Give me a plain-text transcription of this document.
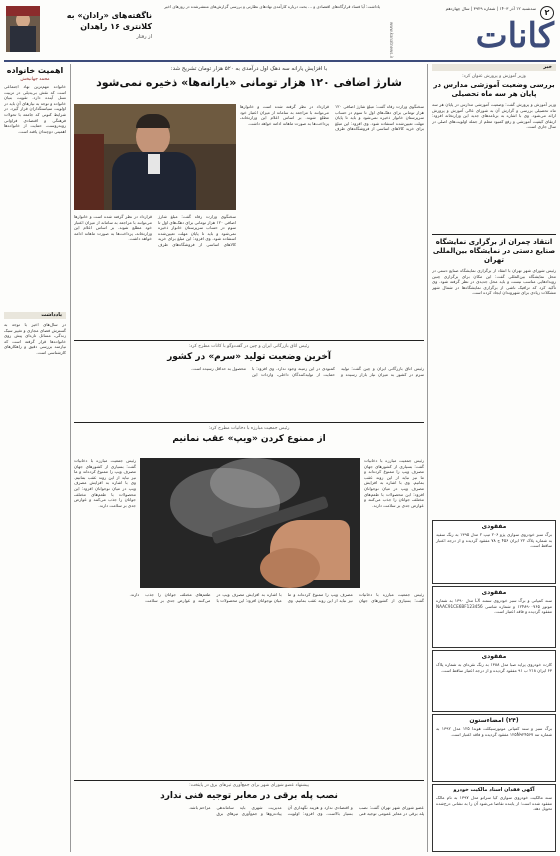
۲
سه‌شنبه ۱۲ آذر ۱۴۰۳ | شماره ۳۹۲۹ | سال چهاردهم
کانات
www.kanatnews.ir
یاداشت: آیا فساد قرارگاه‌های اقتصادی و ... بحث درباره کارآمدی نهادهای نظارتی و بررسی گزارش‌های منتشرشده در روزهای اخیر
ناگفته‌های «رادان» به کلانتری ۱۶ راهدان
از رفتار
خبر
وزیر آموزش و پرورش عنوان کرد:
بررسی وضعیت آموزشی مدارس در پایان هر سه ماه تحصیلی
وزیر آموزش و پرورش گفت: وضعیت آموزشی مدارس در پایان هر سه ماه تحصیلی بررسی و گزارش آن به شورای عالی آموزش و پرورش ارائه می‌شود. وی با اشاره به برنامه‌های جدید این وزارتخانه افزود: ارتقای کیفیت آموزشی و رفع کمبود معلم از جمله اولویت‌های اصلی در سال جاری است.
انتقاد چمران از برگزاری نمایشگاه صنایع دستی در نمایشگاه بین‌المللی تهران
رئیس شورای شهر تهران با انتقاد از برگزاری نمایشگاه صنایع دستی در محل نمایشگاه بین‌المللی گفت: این مکان برای برگزاری چنین رویدادهایی مناسب نیست و باید محل جدیدی در نظر گرفته شود. وی تأکید کرد که ترافیک ناشی از برگزاری نمایشگاه‌ها در شمال شهر مشکلات زیادی برای شهروندان ایجاد کرده است.
مفقودی
برگ سبز خودروی سواری پژو ۲۰۶ تیپ ۲ مدل ۱۳۹۵ به رنگ سفید به شماره پلاک ۲۲ ایران ۴۵۶ ج ۷۸ مفقود گردیده و از درجه اعتبار ساقط است.
مفقودی
سند کمپانی و برگ سبز خودروی سمند LX مدل ۱۳۹۰ به شماره موتور ۱۲۴۸۹۰۰۷۶۵ و شماره شاسی NAAC91CE6BF123456 مفقود گردیده و فاقد اعتبار است.
مفقودی
کارت خودروی پراید صبا مدل ۱۳۸۸ به رنگ نقره‌ای به شماره پلاک ۶۳ ایران ۲۱۸ ب ۹۱ مفقود گردیده و از درجه اعتبار ساقط است.
(۲۴) امضاءستون
برگ سبز و سند کمپانی موتورسیکلت هوندا ۱۲۵ مدل ۱۳۹۲ به شماره تنه ۱۲۵N۹۲۴۵۶۷ مفقود گردیده و فاقد اعتبار است.
آگهی فقدان اسناد مالکیت خودرو
سند مالکیت خودروی سواری کیا سراتو مدل ۱۳۹۷ به نام مالک مفقود شده است؛ از یابنده تقاضا می‌شود آن را به نشانی درج‌شده تحویل دهد.
اهمیت خانواده
محمد جهانبخش
خانواده مهم‌ترین نهاد اجتماعی است که نقش بی‌بدیلی در تربیت نسل آینده دارد. تقویت بنیان خانواده و توجه به نیازهای آن باید در اولویت سیاستگذاران قرار گیرد. در شرایط کنونی که جامعه با تحولات فرهنگی و اقتصادی فراوانی روبه‌روست، حمایت از خانواده‌ها اهمیتی دوچندان یافته است.
یادداشت
در سال‌های اخیر با توجه به گسترش فضای مجازی و تغییر سبک زندگی، مسائل تازه‌ای پیش روی خانواده‌ها قرار گرفته است که نیازمند بررسی دقیق و راهکارهای کارشناسی است.
با افزایش یارانه سه دهک اول درآمدی به ۵۲۰ هزار تومان تشریح شد:
شارژ اضافی ۱۲۰ هزار تومانی «یارانه‌ها» ذخیره نمی‌شود
سخنگوی وزارت رفاه گفت: مبلغ شارژ اضافی ۱۲۰ هزار تومانی برای دهک‌های اول تا سوم در حساب سرپرستان خانوار ذخیره نمی‌شود و باید تا پایان مهلت تعیین‌شده استفاده شود. وی افزود: این مبلغ برای خرید کالاهای اساسی از فروشگاه‌های طرف قرارداد در نظر گرفته شده است و خانوارها می‌توانند با مراجعه به سامانه از میزان اعتبار خود مطلع شوند. بر اساس اعلام این وزارتخانه، پرداخت‌ها به صورت ماهانه ادامه خواهد داشت.
سخنگوی وزارت رفاه گفت: مبلغ شارژ اضافی ۱۲۰ هزار تومانی برای دهک‌های اول تا سوم در حساب سرپرستان خانوار ذخیره نمی‌شود و باید تا پایان مهلت تعیین‌شده استفاده شود. وی افزود: این مبلغ برای خرید کالاهای اساسی از فروشگاه‌های طرف قرارداد در نظر گرفته شده است و خانوارها می‌توانند با مراجعه به سامانه از میزان اعتبار خود مطلع شوند. بر اساس اعلام این وزارتخانه، پرداخت‌ها به صورت ماهانه ادامه خواهد داشت.
رئیس اتاق بازرگانی ایران و چین در گفت‌وگو با کانات مطرح کرد:
آخرین وضعیت تولید «سرم» در کشور
رئیس اتاق بازرگانی ایران و چین گفت: تولید سرم در کشور به میزان نیاز بازار رسیده و کمبودی در این زمینه وجود ندارد. وی افزود: با حمایت از تولیدکنندگان داخلی، واردات این محصول به حداقل رسیده است.
رئیس جمعیت مبارزه با دخانیات مطرح کرد:
از ممنوع کردن «ویپ» عقب نمانیم
رئیس جمعیت مبارزه با دخانیات گفت: بسیاری از کشورهای جهان مصرف ویپ را ممنوع کرده‌اند و ما نیز نباید از این روند عقب بمانیم. وی با اشاره به افزایش مصرف ویپ در میان نوجوانان افزود: این محصولات با طعم‌های مختلف جوانان را جذب می‌کنند و عوارض جدی بر سلامت دارند.
رئیس جمعیت مبارزه با دخانیات گفت: بسیاری از کشورهای جهان مصرف ویپ را ممنوع کرده‌اند و ما نیز نباید از این روند عقب بمانیم. وی با اشاره به افزایش مصرف ویپ در میان نوجوانان افزود: این محصولات با طعم‌های مختلف جوانان را جذب می‌کنند و عوارض جدی بر سلامت دارند.
رئیس جمعیت مبارزه با دخانیات گفت: بسیاری از کشورهای جهان مصرف ویپ را ممنوع کرده‌اند و ما نیز نباید از این روند عقب بمانیم. وی با اشاره به افزایش مصرف ویپ در میان نوجوانان افزود: این محصولات با طعم‌های مختلف جوانان را جذب می‌کنند و عوارض جدی بر سلامت دارند.
پیشنهاد عضو شورای شهر برای جمع‌آوری تیرهای برق در پایتخت:
نصب پله برقی در معابر توجیه فنی ندارد
عضو شورای شهر تهران گفت: نصب پله برقی در معابر عمومی توجیه فنی و اقتصادی ندارد و هزینه نگهداری آن بسیار بالاست. وی افزود: اولویت مدیریت شهری باید ساماندهی پیاده‌روها و جمع‌آوری تیرهای برق مزاحم باشد.
